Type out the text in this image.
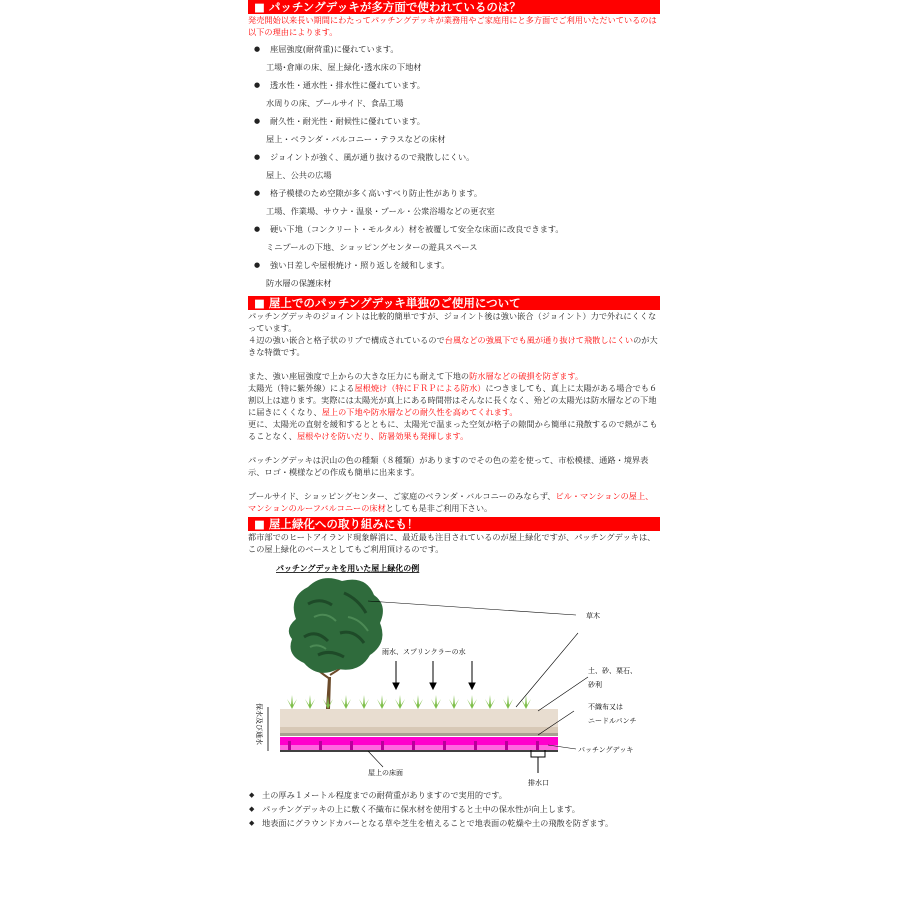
■ パッチングデッキが多方面で使われているのは？

発売開始以来長い期間にわたってパッチングデッキが業務用やご家庭用にと多方面でご利用いただいているのは以下の理由によります。

● 座屈強度(耐荷重)に優れています。
工場･倉庫の床、屋上緑化･透水床の下地材
● 透水性・通水性・排水性に優れています。
水周りの床、プールサイド、食品工場
● 耐久性・耐光性・耐候性に優れています。
屋上・ベランダ・バルコニー・テラスなどの床材
● ジョイントが強く、風が通り抜けるので飛散しにくい。
屋上、公共の広場
● 格子模様のため空隙が多く高いすべり防止性があります。
工場、作業場、サウナ・温泉・プール・公衆浴場などの更衣室
● 硬い下地（コンクリート・モルタル）材を被覆して安全な床面に改良できます。
ミニプールの下地、ショッピングセンターの遊具スペース
● 強い日差しや屋根焼け・照り返しを緩和します。
防水層の保護床材
■ 屋上でのパッチングデッキ単独のご使用について

パッチングデッキのジョイントは比較的簡単ですが、ジョイント後は強い嵌合（ジョイント）力で外れにくくなっています。

４辺の強い嵌合と格子状のリブで構成されているので台風などの強風下でも風が通り抜けて飛散しにくいのが大きな特徴です。

また、強い座屈強度で上からの大きな圧力にも耐えて下地の防水層などの破損を防ぎます。

太陽光（特に紫外線）による屋根焼け（特にＦＲＰによる防水）につきましても、真上に太陽がある場合でも６割以上は遮ります。実際には太陽光が真上にある時間帯はそんなに長くなく、殆どの太陽光は防水層などの下地に届きにくくなり、屋上の下地や防水層などの耐久性を高めてくれます。

更に、太陽光の直射を緩和するとともに、太陽光で温まった空気が格子の隙間から簡単に飛散するので熱がこもることなく、屋根やけを防いだり、防暑効果も発揮します。

パッチングデッキは沢山の色の種類（８種類）がありますのでその色の差を使って、市松模様、通路・境界表示、ロゴ・模様などの作成も簡単に出来ます。

プールサイド、ショッピングセンター、ご家庭のベランダ・バルコニーのみならず、ビル・マンションの屋上、マンションのルーフバルコニーの床材としても是非ご利用下さい。

■ 屋上緑化への取り組みにも！

都市部でのヒートアイランド現象解消に、最近最も注目されているのが屋上緑化ですが、パッチングデッキは、この屋上緑化のベースとしてもご利用頂けるのです。

パッチングデッキを用いた屋上緑化の例
雨水、スプリンクラーの水
草木
土、砂、栗石、
砂利
不織布又は
ニードルパンチ
パッチングデッキ
屋上の床面
排水口
保水及び通水

◆ 土の厚み１メートル程度までの耐荷重がありますので実用的です。

◆ パッチングデッキの上に敷く不織布に保水材を使用すると土中の保水性が向上します。

◆ 地表面にグラウンドカバーとなる草や芝生を植えることで地表面の乾燥や土の飛散を防ぎます。
